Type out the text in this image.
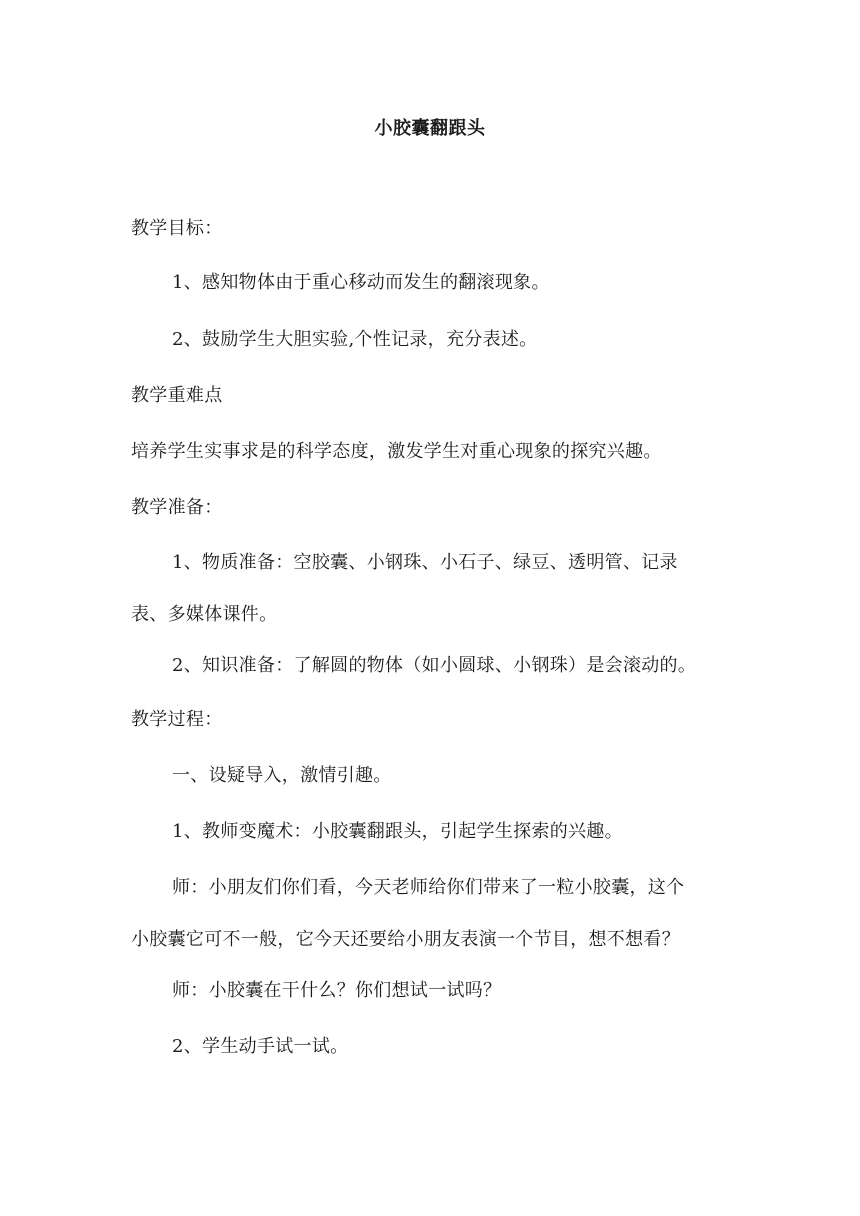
小胶囊翻跟头
教学目标：
1、感知物体由于重心移动而发生的翻滚现象。
2、鼓励学生大胆实验,个性记录，充分表述。
教学重难点
培养学生实事求是的科学态度，激发学生对重心现象的探究兴趣。
教学准备：
1、物质准备：空胶囊、小钢珠、小石子、绿豆、透明管、记录
表、多媒体课件。
2、知识准备：了解圆的物体（如小圆球、小钢珠）是会滚动的。
教学过程：
一、设疑导入，激情引趣。
1、教师变魔术：小胶囊翻跟头，引起学生探索的兴趣。
师：小朋友们你们看，今天老师给你们带来了一粒小胶囊，这个
小胶囊它可不一般，它今天还要给小朋友表演一个节目，想不想看？
师：小胶囊在干什么？你们想试一试吗？
2、学生动手试一试。
